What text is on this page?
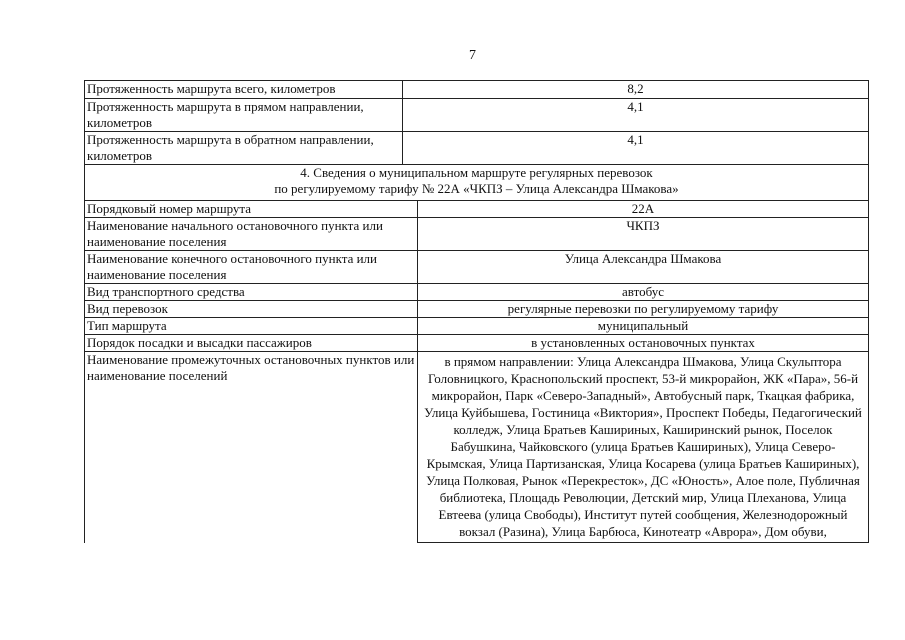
7
Протяженность маршрута всего, километров	8,2	
Протяженность маршрута в прямом направлении, километров	4,1	
Протяженность маршрута в обратном направлении, километров	4,1	

4. Сведения о муниципальном маршруте регулярных перевозок
по регулируемому тарифу № 22А «ЧКПЗ – Улица Александра Шмакова»		

Порядковый номер маршрута		22А
Наименование начального остановочного пункта или наименование поселения		ЧКПЗ
Наименование конечного остановочного пункта или наименование поселения		Улица Александра Шмакова
Вид транспортного средства		автобус
Вид перевозок		регулярные перевозки по регулируемому тарифу
Тип маршрута		муниципальный
Порядок посадки и высадки пассажиров		в установленных остановочных пунктах
Наименование промежуточных остановочных пунктов или наименование поселений		в прямом направлении: Улица Александра Шмакова, Улица Скульптора Головницкого, Краснопольский проспект, 53-й микрорайон, ЖК «Пара», 56-й микрорайон, Парк «Северо-Западный», Автобусный парк, Ткацкая фабрика, Улица Куйбышева, Гостиница «Виктория», Проспект Победы, Педагогический колледж, Улица Братьев Кашириных, Каширинский рынок, Поселок Бабушкина, Чайковского (улица Братьев Кашириных), Улица Северо-Крымская, Улица Партизанская, Улица Косарева (улица Братьев Кашириных), Улица Полковая, Рынок «Перекресток», ДС «Юность», Алое поле, Публичная библиотека, Площадь Революции, Детский мир, Улица Плеханова, Улица Евтеева (улица Свободы), Институт путей сообщения, Железнодорожный вокзал (Разина), Улица Барбюса, Кинотеатр «Аврора», Дом обуви,
